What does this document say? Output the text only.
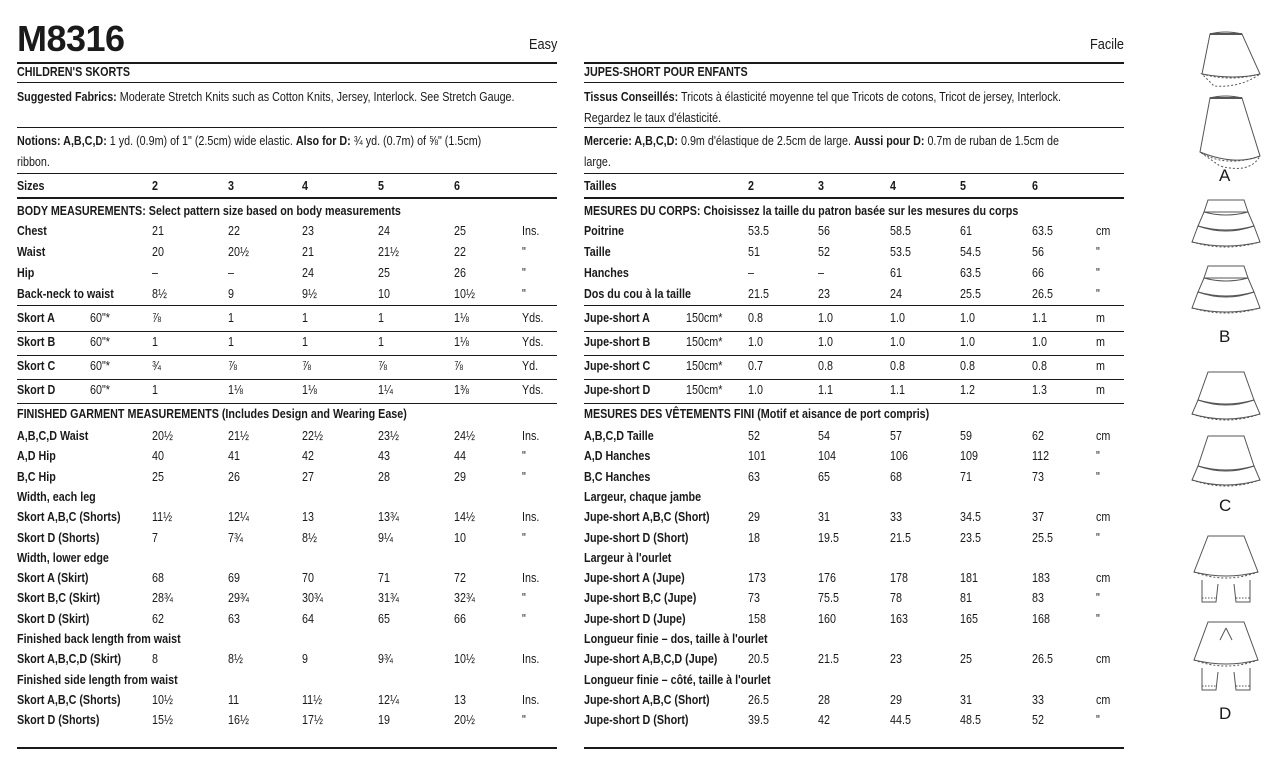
M8316	Easy	Facile
A
B
C
D
CHILDREN'S SKORTS
Suggested Fabrics: Moderate Stretch Knits such as Cotton Knits, Jersey, Interlock. See Stretch Gauge.
Notions: A,B,C,D: 1 yd. (0.9m) of 1" (2.5cm) wide elastic. Also for D: ¾ yd. (0.7m) of ⅝" (1.5cm)
ribbon.
Sizes	2	3	4	5	6
BODY MEASUREMENTS: Select pattern size based on body measurements
Chest	21	22	23	24	25	Ins.
Waist	20	20½	21	21½	22	"
Hip	–	–	24	25	26	"
Back-neck to waist	8½	9	9½	10	10½	"
Skort A	60"*	⅞	1	1	1	1⅛	Yds.
Skort B	60"*	1	1	1	1	1⅛	Yds.
Skort C	60"*	¾	⅞	⅞	⅞	⅞	Yd.
Skort D	60"*	1	1⅛	1⅛	1¼	1⅜	Yds.
FINISHED GARMENT MEASUREMENTS (Includes Design and Wearing Ease)
A,B,C,D Waist	20½	21½	22½	23½	24½	Ins.
A,D Hip	40	41	42	43	44	"
B,C Hip	25	26	27	28	29	"
Width, each leg
Skort A,B,C (Shorts)	11½	12¼	13	13¾	14½	Ins.
Skort D (Shorts)	7	7¾	8½	9¼	10	"
Width, lower edge
Skort A (Skirt)	68	69	70	71	72	Ins.
Skort B,C (Skirt)	28¾	29¾	30¾	31¾	32¾	"
Skort D (Skirt)	62	63	64	65	66	"
Finished back length from waist
Skort A,B,C,D (Skirt) 8	8½	9	9¾	10½	Ins.
Finished side length from waist
Skort A,B,C (Shorts)	10½	11	11½	12¼	13	Ins.
Skort D (Shorts)	15½	16½	17½	19	20½	"
JUPES-SHORT POUR ENFANTS
Tissus Conseillés: Tricots à élasticité moyenne tel que Tricots de cotons, Tricot de jersey, Interlock.
Regardez le taux d'élasticité.
Mercerie: A,B,C,D: 0.9m d'élastique de 2.5cm de large. Aussi pour D: 0.7m de ruban de 1.5cm de
large.
Tailles	2	3	4	5	6
MESURES DU CORPS: Choisissez la taille du patron basée sur les mesures du corps
Poitrine	53.5	56	58.5	61	63.5	cm
Taille	51	52	53.5	54.5	56	"
Hanches	–	–	61	63.5	66	"
Dos du cou à la taille	21.5	23	24	25.5	26.5	"
Jupe-short A	150cm* 0.8	1.0	1.0	1.0	1.1	m
Jupe-short B	150cm* 1.0	1.0	1.0	1.0	1.0	m
Jupe-short C	150cm* 0.7	0.8	0.8	0.8	0.8	m
Jupe-short D	150cm* 1.0	1.1	1.1	1.2	1.3	m
MESURES DES VÊTEMENTS FINI (Motif et aisance de port compris)
A,B,C,D Taille	52	54	57	59	62	cm
A,D Hanches	101	104	106	109	112	"
B,C Hanches	63	65	68	71	73	"
Largeur, chaque jambe
Jupe-short A,B,C (Short)	29	31	33	34.5	37	cm
Jupe-short D (Short)	18	19.5	21.5	23.5	25.5	"
Largeur à l'ourlet
Jupe-short A (Jupe)	173	176	178	181	183	cm
Jupe-short B,C (Jupe)	73	75.5	78	81	83	"
Jupe-short D (Jupe)	158	160	163	165	168	"
Longueur finie – dos, taille à l'ourlet
Jupe-short A,B,C,D (Jupe) 20.5	21.5	23	25	26.5	cm
Longueur finie – côté, taille à l'ourlet
Jupe-short A,B,C (Short)	26.5	28	29	31	33	cm
Jupe-short D (Short)	39.5	42	44.5	48.5	52	"
